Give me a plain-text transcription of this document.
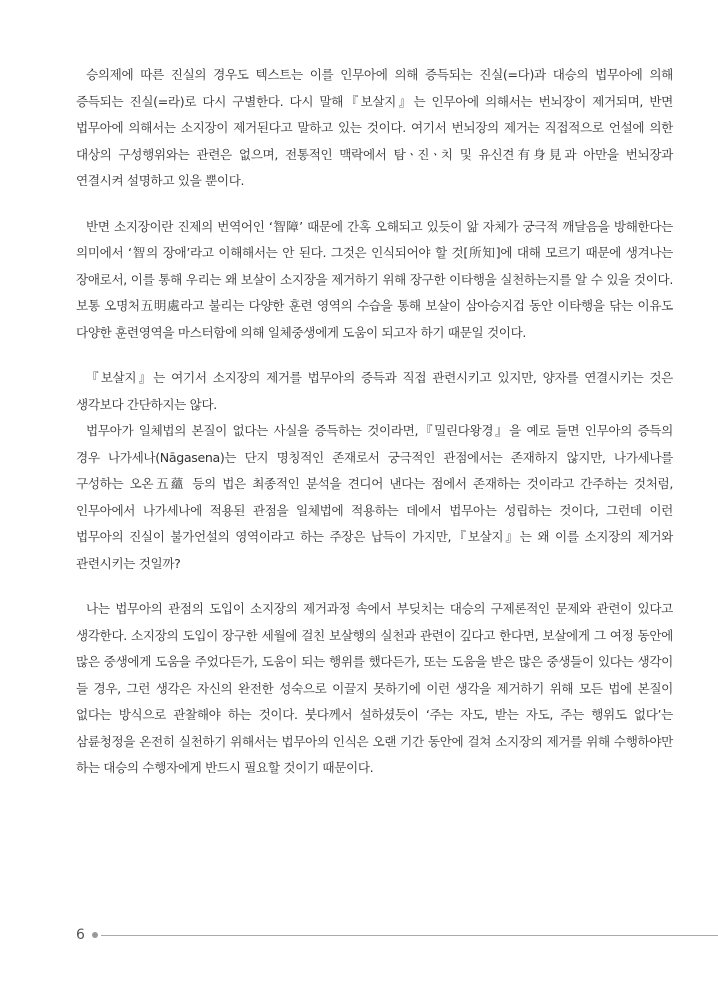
승의제에 따른 진실의 경우도 텍스트는 이를 인무아에 의해 증득되는 진실(=다)과 대승의 법무아에 의해 증득되는 진실(=라)로 다시 구별한다. 다시 말해『보살지』는 인무아에 의해서는 번뇌장이 제거되며, 반면 법무아에 의해서는 소지장이 제거된다고 말하고 있는 것이다. 여기서 번뇌장의 제거는 직접적으로 언설에 의한 대상의 구성행위와는 관련은 없으며, 전통적인 맥락에서 탐ㆍ진ㆍ치 및 유신견有身見과 아만을 번뇌장과 연결시켜 설명하고 있을 뿐이다.

반면 소지장이란 진제의 번역어인 ‘智障’ 때문에 간혹 오해되고 있듯이 앎 자체가 궁극적 깨달음을 방해한다는 의미에서 ‘智의 장애’라고 이해해서는 안 된다. 그것은 인식되어야 할 것[所知]에 대해 모르기 때문에 생겨나는 장애로서, 이를 통해 우리는 왜 보살이 소지장을 제거하기 위해 장구한 이타행을 실천하는지를 알 수 있을 것이다. 보통 오명처五明處라고 불리는 다양한 훈련 영역의 수습을 통해 보살이 삼아승지겁 동안 이타행을 닦는 이유도 다양한 훈련영역을 마스터함에 의해 일체중생에게 도움이 되고자 하기 때문일 것이다.

『보살지』는 여기서 소지장의 제거를 법무아의 증득과 직접 관련시키고 있지만, 양자를 연결시키는 것은 생각보다 간단하지는 않다.

법무아가 일체법의 본질이 없다는 사실을 증득하는 것이라면,『밀린다왕경』을 예로 들면 인무아의 증득의 경우 나가세나(Nāgasena)는 단지 명칭적인 존재로서 궁극적인 관점에서는 존재하지 않지만, 나가세나를 구성하는 오온五蘊 등의 법은 최종적인 분석을 견디어 낸다는 점에서 존재하는 것이라고 간주하는 것처럼, 인무아에서 나가세나에 적용된 관점을 일체법에 적용하는 데에서 법무아는 성립하는 것이다, 그런데 이런 법무아의 진실이 불가언설의 영역이라고 하는 주장은 납득이 가지만,『보살지』는 왜 이를 소지장의 제거와 관련시키는 것일까?

나는 법무아의 관점의 도입이 소지장의 제거과정 속에서 부딪치는 대승의 구제론적인 문제와 관련이 있다고 생각한다. 소지장의 도입이 장구한 세월에 걸친 보살행의 실천과 관련이 깊다고 한다면, 보살에게 그 여정 동안에 많은 중생에게 도움을 주었다든가, 도움이 되는 행위를 했다든가, 또는 도움을 받은 많은 중생들이 있다는 생각이 들 경우, 그런 생각은 자신의 완전한 성숙으로 이끌지 못하기에 이런 생각을 제거하기 위해 모든 법에 본질이 없다는 방식으로 관찰해야 하는 것이다. 붓다께서 설하셨듯이 ‘주는 자도, 받는 자도, 주는 행위도 없다’는 삼륜청정을 온전히 실천하기 위해서는 법무아의 인식은 오랜 기간 동안에 걸쳐 소지장의 제거를 위해 수행하야만 하는 대승의 수행자에게 반드시 필요할 것이기 때문이다.

6
